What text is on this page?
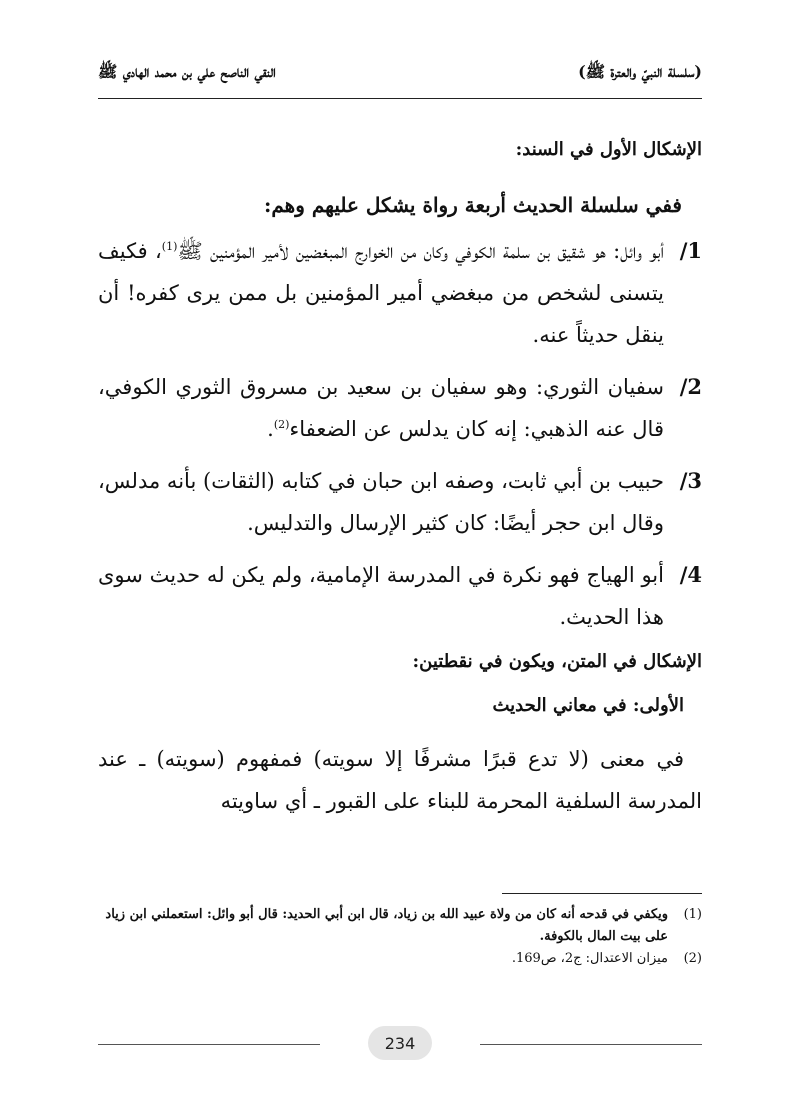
(سلسلة النبيّ والعترة ﷺ)
النقي الناصح علي بن محمد الهادي ﷺ
الإشكال الأول في السند:
ففي سلسلة الحديث أربعة رواة يشكل عليهم وهم:
1/
أبو وائل: هو شقيق بن سلمة الكوفي وكان من الخوارج المبغضين لأمير المؤمنين ﷺ$^{(1)}$، فكيف يتسنى لشخص من مبغضي أمير المؤمنين بل ممن يرى كفره! أن ينقل حديثاً عنه.
2/
سفيان الثوري: وهو سفيان بن سعيد بن مسروق الثوري الكوفي، قال عنه الذهبي: إنه كان يدلس عن الضعفاء$^{(2)}$.
3/
حبيب بن أبي ثابت، وصفه ابن حبان في كتابه (الثقات) بأنه مدلس، وقال ابن حجر أيضًا: كان كثير الإرسال والتدليس.
4/
أبو الهياج فهو نكرة في المدرسة الإمامية، ولم يكن له حديث سوى هذا الحديث.
الإشكال في المتن، ويكون في نقطتين:
الأولى: في معاني الحديث

في معنى (لا تدع قبرًا مشرفًا إلا سويته) فمفهوم (سويته) ـ عند المدرسة السلفية المحرمة للبناء على القبور ـ أي ساويته

(1)
ويكفي في قدحه أنه كان من ولاة عبيد الله بن زياد، قال ابن أبي الحديد: قال أبو وائل: استعملني ابن زياد على بيت المال بالكوفة.
(2)
ميزان الاعتدال: ج2، ص169.
234
